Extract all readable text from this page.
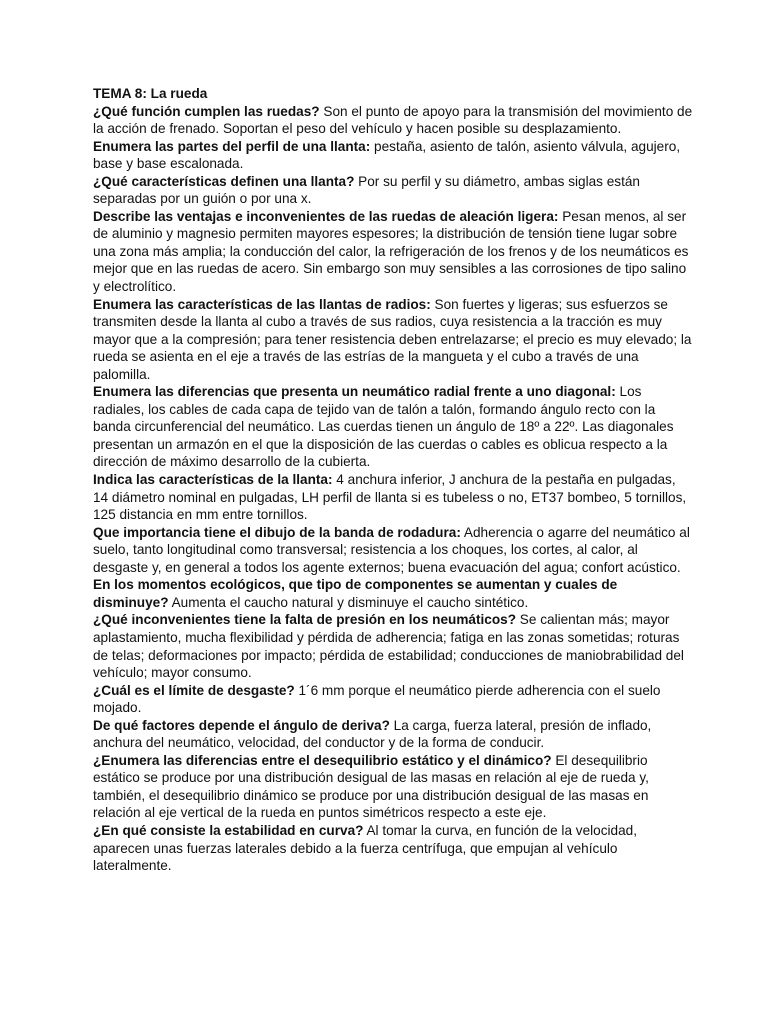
TEMA 8: La rueda

¿Qué función cumplen las ruedas? Son el punto de apoyo para la transmisión del movimiento de la acción de frenado. Soportan el peso del vehículo y hacen posible su desplazamiento.

Enumera las partes del perfil de una llanta: pestaña, asiento de talón, asiento válvula, agujero, base y base escalonada.

¿Qué características definen una llanta? Por su perfil y su diámetro, ambas siglas están separadas por un guión o por una x.

Describe las ventajas e inconvenientes de las ruedas de aleación ligera: Pesan menos, al ser de aluminio y magnesio permiten mayores espesores; la distribución de tensión tiene lugar sobre una zona más amplia; la conducción del calor, la refrigeración de los frenos y de los neumáticos es mejor que en las ruedas de acero. Sin embargo son muy sensibles a las corrosiones de tipo salino y electrolítico.

Enumera las características de las llantas de radios: Son fuertes y ligeras; sus esfuerzos se transmiten desde la llanta al cubo a través de sus radios, cuya resistencia a la tracción es muy mayor que a la compresión; para tener resistencia deben entrelazarse; el precio es muy elevado; la rueda se asienta en el eje a través de las estrías de la mangueta y el cubo a través de una palomilla.

Enumera las diferencias que presenta un neumático radial frente a uno diagonal: Los radiales, los cables de cada capa de tejido van de talón a talón, formando ángulo recto con la banda circunferencial del neumático. Las cuerdas tienen un ángulo de 18º a 22º. Las diagonales presentan un armazón en el que la disposición de las cuerdas o cables es oblicua respecto a la dirección de máximo desarrollo de la cubierta.

Indica las características de la llanta: 4 anchura inferior, J anchura de la pestaña en pulgadas, 14 diámetro nominal en pulgadas, LH perfil de llanta si es tubeless o no, ET37 bombeo, 5 tornillos, 125 distancia en mm entre tornillos.

Que importancia tiene el dibujo de la banda de rodadura: Adherencia o agarre del neumático al suelo, tanto longitudinal como transversal; resistencia a los choques, los cortes, al calor, al desgaste y, en general a todos los agente externos; buena evacuación del agua; confort acústico.

En los momentos ecológicos, que tipo de componentes se aumentan y cuales de disminuye? Aumenta el caucho natural y disminuye el caucho sintético.

¿Qué inconvenientes tiene la falta de presión en los neumáticos? Se calientan más; mayor aplastamiento, mucha flexibilidad y pérdida de adherencia; fatiga en las zonas sometidas; roturas de telas; deformaciones por impacto; pérdida de estabilidad; conducciones de maniobrabilidad del vehículo; mayor consumo.

¿Cuál es el límite de desgaste? 1´6 mm porque el neumático pierde adherencia con el suelo mojado.

De qué factores depende el ángulo de deriva? La carga, fuerza lateral, presión de inflado, anchura del neumático, velocidad, del conductor y de la forma de conducir.

¿Enumera las diferencias entre el desequilibrio estático y el dinámico? El desequilibrio estático se produce por una distribución desigual de las masas en relación al eje de rueda y, también, el desequilibrio dinámico se produce por una distribución desigual de las masas en relación al eje vertical de la rueda en puntos simétricos respecto a este eje.

¿En qué consiste la estabilidad en curva? Al tomar la curva, en función de la velocidad, aparecen unas fuerzas laterales debido a la fuerza centrífuga, que empujan al vehículo lateralmente.
